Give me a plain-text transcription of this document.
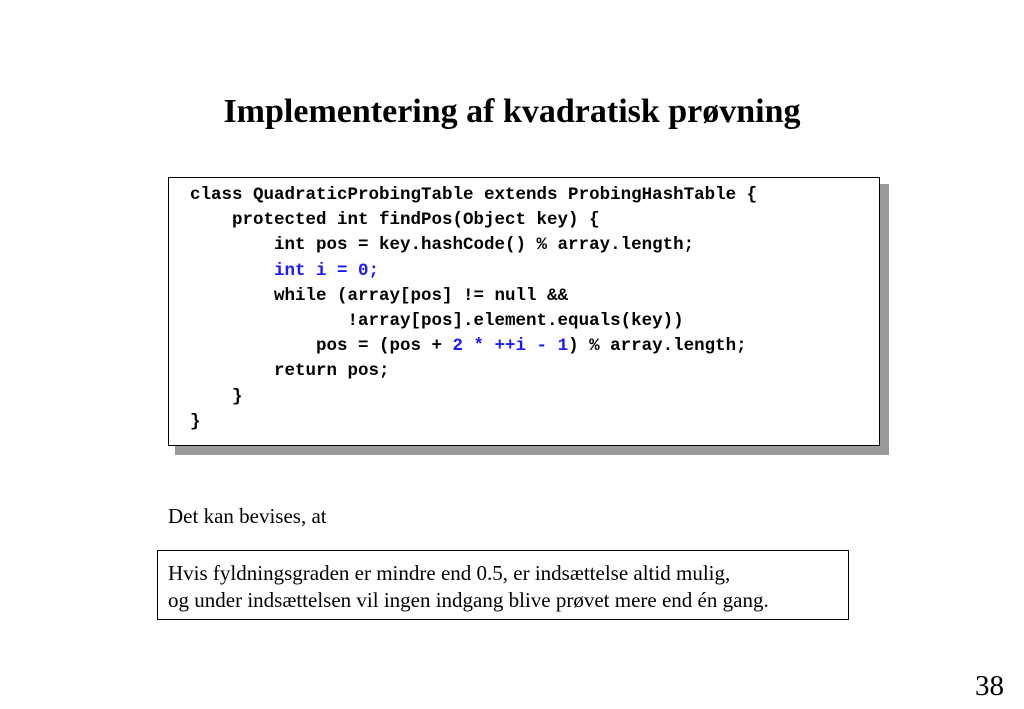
Implementering af kvadratisk prøvning
class QuadraticProbingTable extends ProbingHashTable {
protected int findPos(Object key) {
int pos = key.hashCode() % array.length;
int i = 0;
while (array[pos] != null &&
!array[pos].element.equals(key))
pos = (pos + 2 * ++i - 1) % array.length;
return pos;
}
}

Det kan bevises, at

Hvis fyldningsgraden er mindre end 0.5, er indsættelse altid mulig,

og under indsættelsen vil ingen indgang blive prøvet mere end én gang.

38
